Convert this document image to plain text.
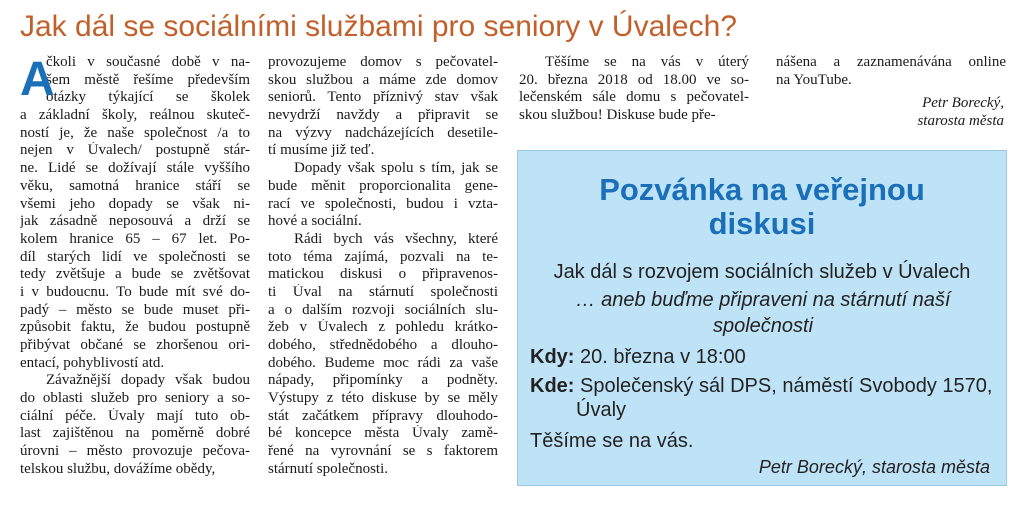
Jak dál se sociálními službami pro seniory v Úvalech?
A
čkoli v současné době v na-
šem městě řešíme především
otázky týkající se školek
a základní školy, reálnou skuteč-
ností je, že naše společnost /a to
nejen v Úvalech/ postupně stár-
ne. Lidé se dožívají stále vyššího
věku, samotná hranice stáří se
všemi jeho dopady se však ni-
jak zásadně neposouvá a drží se
kolem hranice 65 – 67 let. Po-
díl starých lidí ve společnosti se
tedy zvětšuje a bude se zvětšovat
i v budoucnu. To bude mít své do-
padý – město se bude muset při-
způsobit faktu, že budou postupně
přibývat občané se zhoršenou ori-
entací, pohyblivostí atd.
Závažnější dopady však budou
do oblasti služeb pro seniory a so-
ciální péče. Úvaly mají tuto ob-
last zajištěnou na poměrně dobré
úrovni – město provozuje pečova-
telskou službu, dovážíme obědy,
provozujeme domov s pečovatel-
skou službou a máme zde domov
seniorů. Tento příznivý stav však
nevydrží navždy a připravit se
na výzvy nadcházejících desetile-
tí musíme již teď.
Dopady však spolu s tím, jak se
bude měnit proporcionalita gene-
rací ve společnosti, budou i vzta-
hové a sociální.
Rádi bych vás všechny, které
toto téma zajímá, pozvali na te-
matickou diskusi o připravenos-
ti Úval na stárnutí společnosti
a o dalším rozvoji sociálních slu-
žeb v Úvalech z pohledu krátko-
dobého, střednědobého a dlouho-
dobého. Budeme moc rádi za vaše
nápady, připomínky a podněty.
Výstupy z této diskuse by se měly
stát začátkem přípravy dlouhodo-
bé koncepce města Úvaly zamě-
řené na vyrovnání se s faktorem
stárnutí společnosti.
Těšíme se na vás v úterý
20. března 2018 od 18.00 ve so-
lečenském sále domu s pečovatel-
skou službou! Diskuse bude pře-
nášena a zaznamenávána online
na YouTube.
Petr Borecký,
starosta města
Pozvánka na veřejnou
diskusi
Jak dál s rozvojem sociálních služeb v Úvalech
… aneb buďme připraveni na stárnutí naší
společnosti
Kdy: 20. března v 18:00
Kde: Společenský sál DPS, náměstí Svobody 1570,
Úvaly
Těšíme se na vás.
Petr Borecký, starosta města
